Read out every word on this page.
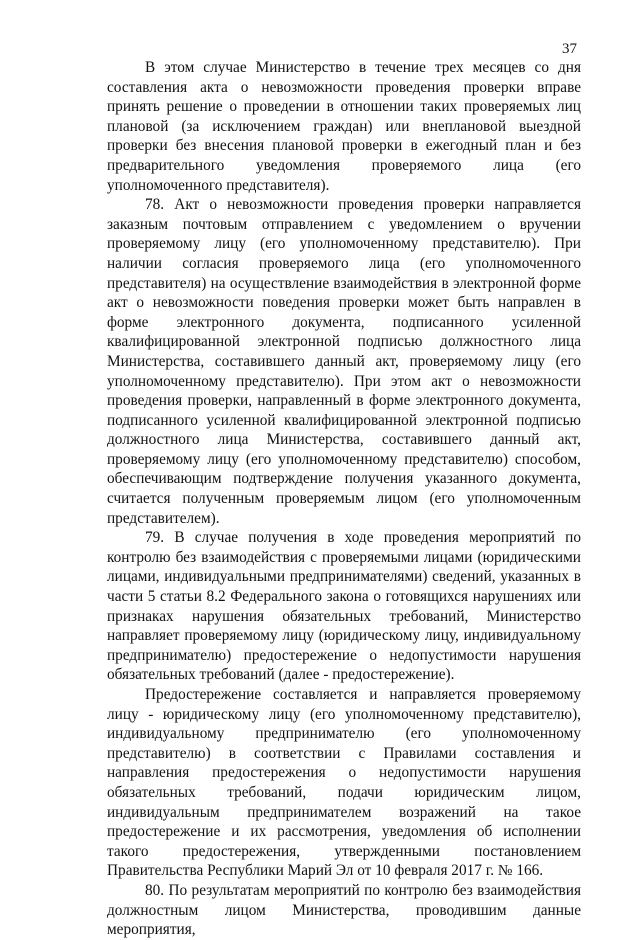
37

В этом случае Министерство в течение трех месяцев со дня составления акта о невозможности проведения проверки вправе принять решение о проведении в отношении таких проверяемых лиц плановой (за исключением граждан) или внеплановой выездной проверки без внесения плановой проверки в ежегодный план и без предварительного уведомления проверяемого лица (его уполномоченного представителя).

78. Акт о невозможности проведения проверки направляется заказным почтовым отправлением с уведомлением о вручении проверяемому лицу (его уполномоченному представителю). При наличии согласия проверяемого лица (его уполномоченного представителя) на осуществление взаимодействия в электронной форме акт о невозможности поведения проверки может быть направлен в форме электронного документа, подписанного усиленной квалифицированной электронной подписью должностного лица Министерства, составившего данный акт, проверяемому лицу (его уполномоченному представителю). При этом акт о невозможности проведения проверки, направленный в форме электронного документа, подписанного усиленной квалифицированной электронной подписью должностного лица Министерства, составившего данный акт, проверяемому лицу (его уполномоченному представителю) способом, обеспечивающим подтверждение получения указанного документа, считается полученным проверяемым лицом (его уполномоченным представителем).

79. В случае получения в ходе проведения мероприятий по контролю без взаимодействия с проверяемыми лицами (юридическими лицами, индивидуальными предпринимателями) сведений, указанных в части 5 статьи 8.2 Федерального закона о готовящихся нарушениях или признаках нарушения обязательных требований, Министерство направляет проверяемому лицу (юридическому лицу, индивидуальному предпринимателю) предостережение о недопустимости нарушения обязательных требований (далее - предостережение).

Предостережение составляется и направляется проверяемому лицу - юридическому лицу (его уполномоченному представителю), индивидуальному предпринимателю (его уполномоченному представителю) в соответствии с Правилами составления и направления предостережения о недопустимости нарушения обязательных требований, подачи юридическим лицом, индивидуальным предпринимателем возражений на такое предостережение и их рассмотрения, уведомления об исполнении такого предостережения, утвержденными постановлением Правительства Республики Марий Эл от 10 февраля 2017 г. № 166.

80. По результатам мероприятий по контролю без взаимодействия должностным лицом Министерства, проводившим данные мероприятия,
